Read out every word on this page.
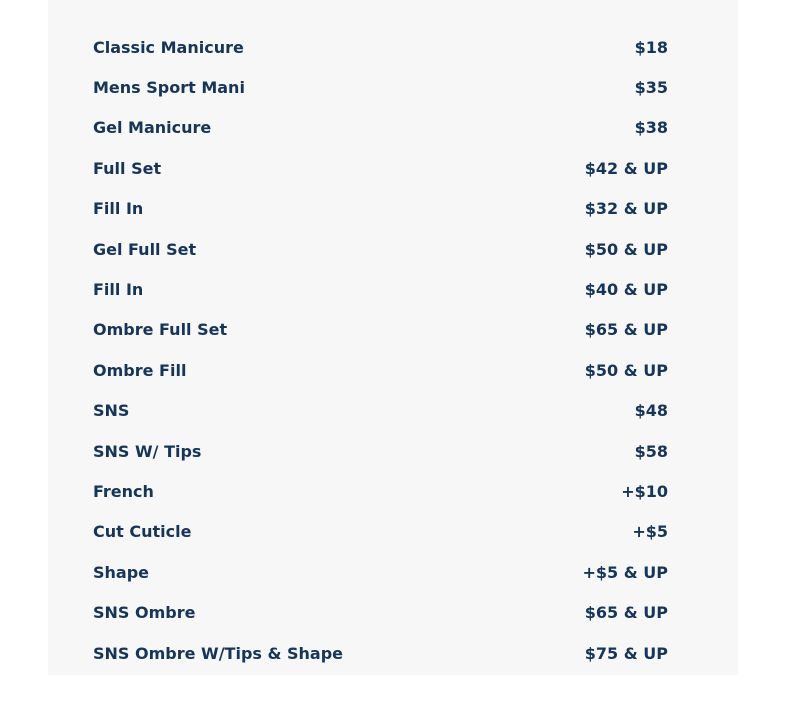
Classic Manicure	$18
Mens Sport Mani	$35
Gel Manicure	$38
Full Set	$42 & UP
Fill In	$32 & UP
Gel Full Set	$50 & UP
Fill In	$40 & UP
Ombre Full Set	$65 & UP
Ombre Fill	$50 & UP
SNS	$48
SNS W/ Tips	$58
French	+$10
Cut Cuticle	+$5
Shape	+$5 & UP
SNS Ombre	$65 & UP
SNS Ombre W/Tips & Shape	$75 & UP
